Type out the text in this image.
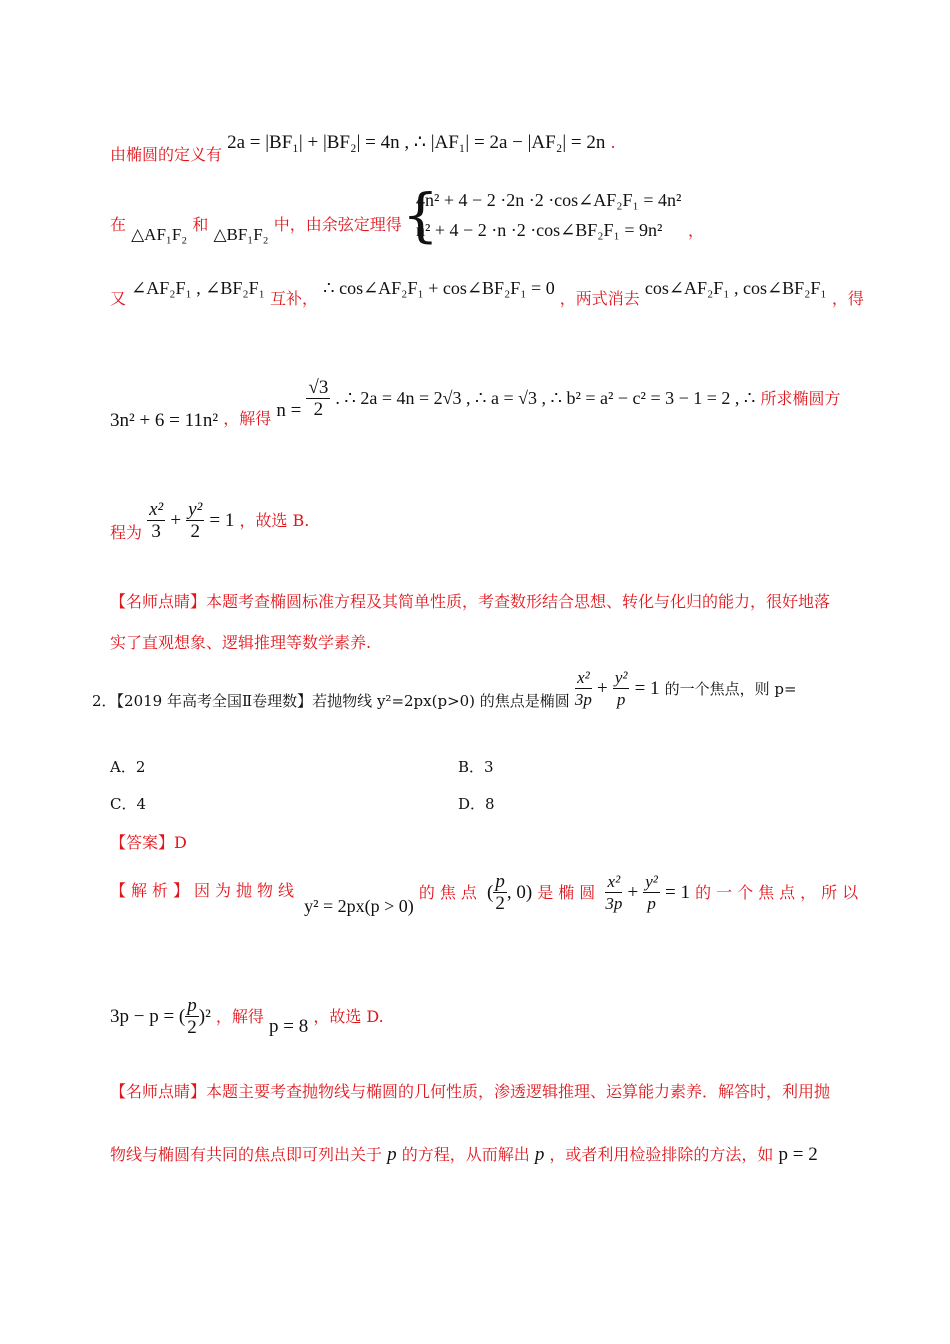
由椭圆的定义有 2a = |BF₁| + |BF₂| = 4n , ∴ |AF₁| = 2a − |AF₂| = 2n .
在 △AF₁F₂ 和 △BF₁F₂ 中，由余弦定理得 {
4n² + 4 − 2 ·2n ·2 ·cos∠AF₂F₁ = 4n²
n² + 4 − 2 ·n ·2 ·cos∠BF₂F₁ = 9n² ，
又 ∠AF₂F₁ , ∠BF₂F₁ 互补， ∴ cos∠AF₂F₁ + cos∠BF₂F₁ = 0 ，两式消去 cos∠AF₂F₁ , cos∠BF₂F₁ ，得
3n² + 6 = 11n² ，解得 $n = \frac{√3}{2}$ . ∴ 2a = 4n = 2√3 , ∴ a = √3 , ∴ b² = a² − c² = 3 − 1 = 2 , ∴ 所求椭圆方
程为 $\frac{\text{x²}}{3} + \frac{\text{y²}}{2} = 1$ ，故选 B.
【名师点睛】本题考查椭圆标准方程及其简单性质，考查数形结合思想、转化与化归的能力，很好地落
实了直观想象、逻辑推理等数学素养.
2．【2019 年高考全国Ⅱ卷理数】若抛物线 y²=2px(p>0) 的焦点是椭圆 $\frac{\text{x²}}{3p} + \frac{\text{y²}}{p} = 1$ 的一个焦点，则 p=
A．2	B．3
C．4	D．8
【答案】D
【解析】因为抛物线 y² = 2px(p > 0) 的焦点 ( $\frac{p}{2}$ , 0) 是椭圆 $\frac{\text{x²}}{3p} + \frac{\text{y²}}{p} = 1$ 的一个焦点，所以
3p − p = ( $\frac{p}{2} )^2$ ，解得 p = 8 ，故选 D.
【名师点睛】本题主要考查抛物线与椭圆的几何性质，渗透逻辑推理、运算能力素养．解答时，利用抛
物线与椭圆有共同的焦点即可列出关于 p 的方程，从而解出 p ，或者利用检验排除的方法，如 p = 2
